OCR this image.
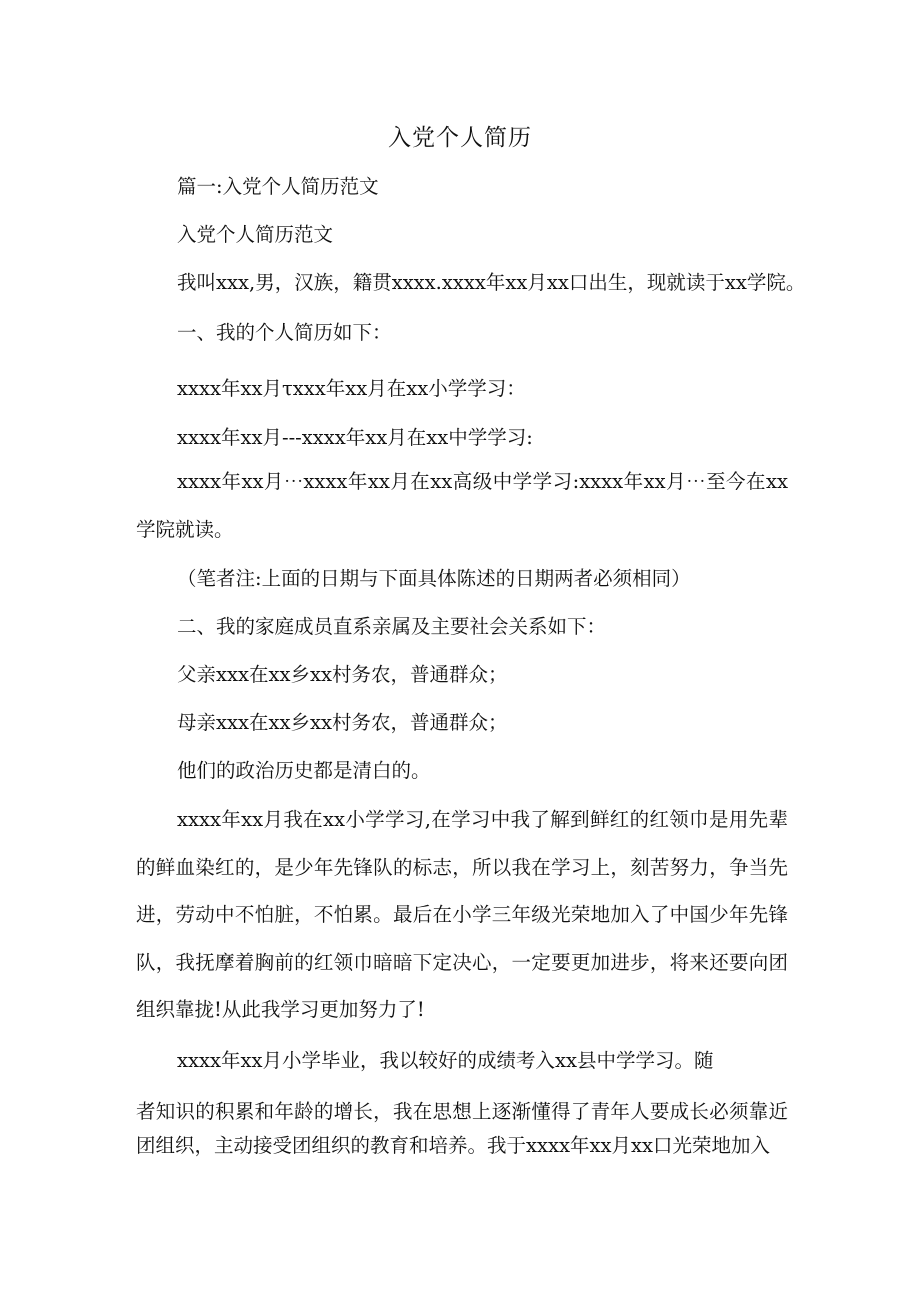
入党个人简历
篇一:入党个人简历范文
入党个人简历范文
我叫xxx,男，汉族，籍贯xxxx.xxxx年xx月xx口出生，现就读于xx学院。
一、我的个人简历如下：
xxxx年xx月τxxx年xx月在xx小学学习：
xxxx年xx月---xxxx年xx月在xx中学学习:

xxxx年xx月⋯xxxx年xx月在xx高级中学学习:xxxx年xx月⋯至今在xx学院就读。

（笔者注:上面的日期与下面具体陈述的日期两者必须相同）
二、我的家庭成员直系亲属及主要社会关系如下：
父亲xxx在xx乡xx村务农，普通群众；
母亲xxx在xx乡xx村务农，普通群众；
他们的政治历史都是清白的。

xxxx年xx月我在xx小学学习,在学习中我了解到鲜红的红领巾是用先辈的鲜血染红的，是少年先锋队的标志，所以我在学习上，刻苦努力，争当先进，劳动中不怕脏，不怕累。最后在小学三年级光荣地加入了中国少年先锋队，我抚摩着胸前的红领巾暗暗下定决心，一定要更加进步，将来还要向团组织靠拢!从此我学习更加努力了!

xxxx年xx月小学毕业，我以较好的成绩考入xx县中学学习。随

者知识的积累和年龄的增长，我在思想上逐渐懂得了青年人要成长必须靠近团组织，主动接受团组织的教育和培养。我于xxxx年xx月xx口光荣地加入
